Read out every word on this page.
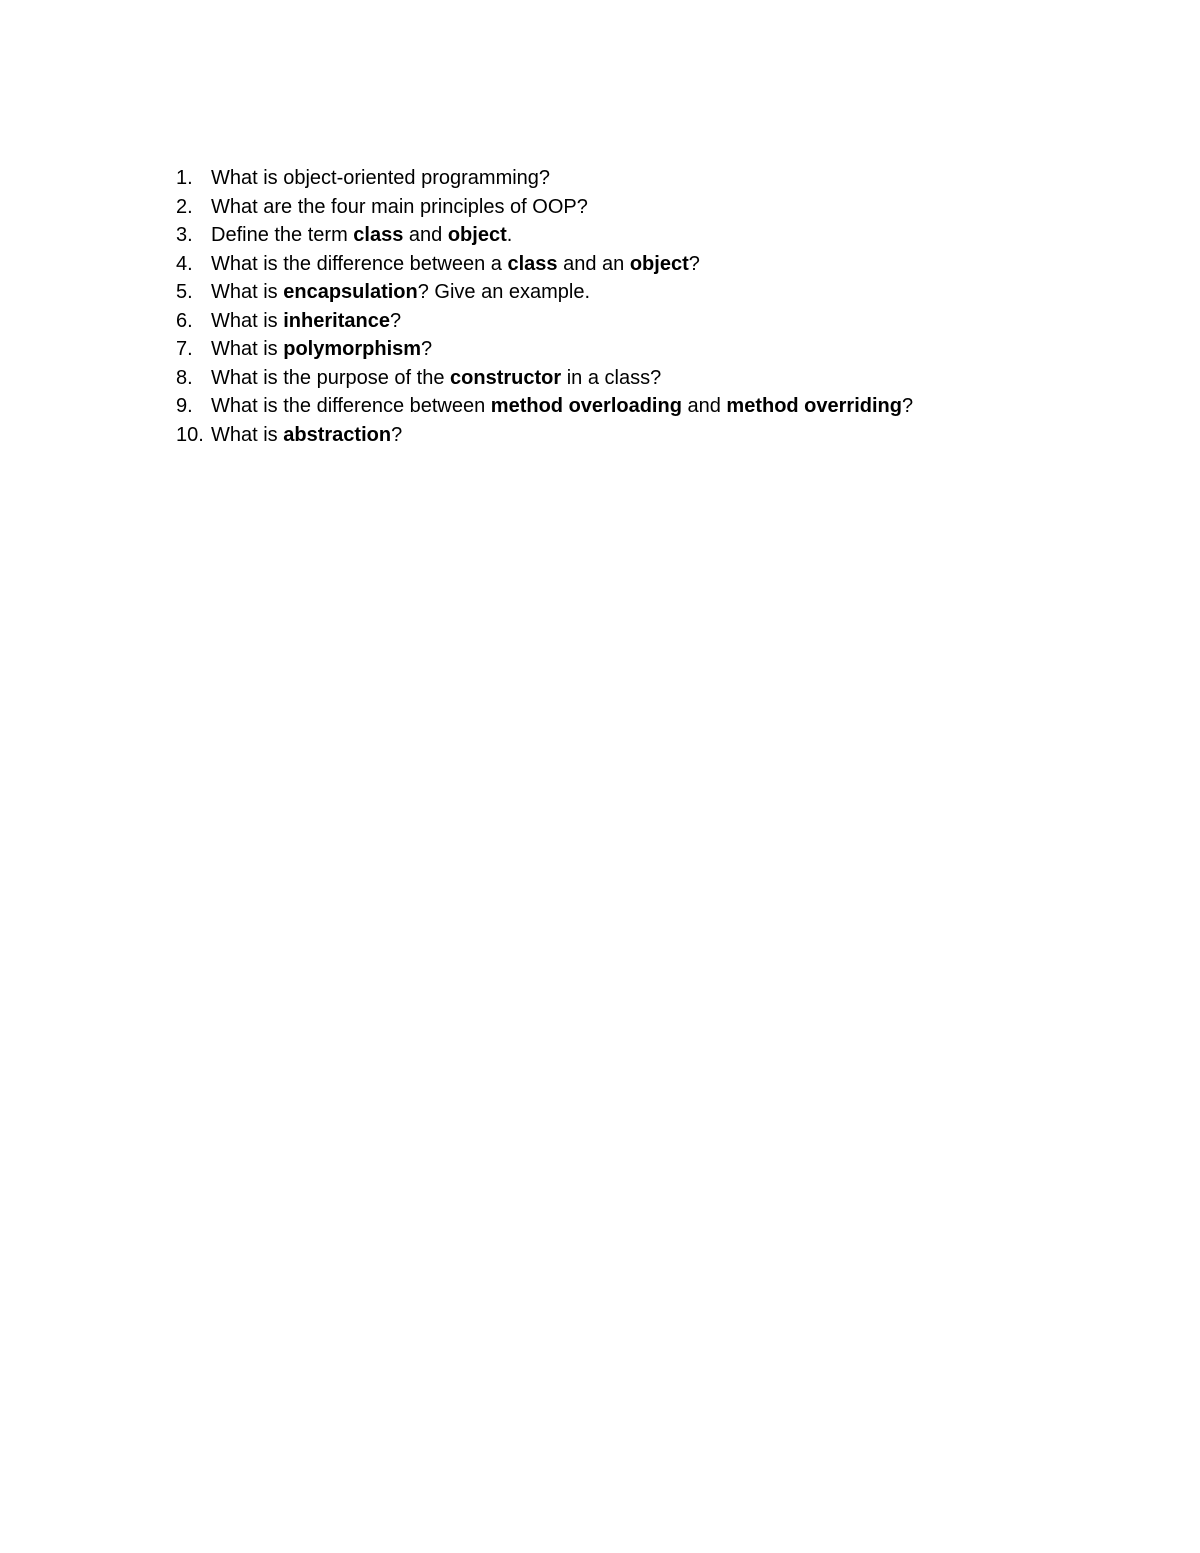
1. What is object-oriented programming?
2. What are the four main principles of OOP?
3. Define the term class and object.
4. What is the difference between a class and an object?
5. What is encapsulation? Give an example.
6. What is inheritance?
7. What is polymorphism?
8. What is the purpose of the constructor in a class?
9. What is the difference between method overloading and method overriding?
10. What is abstraction?
